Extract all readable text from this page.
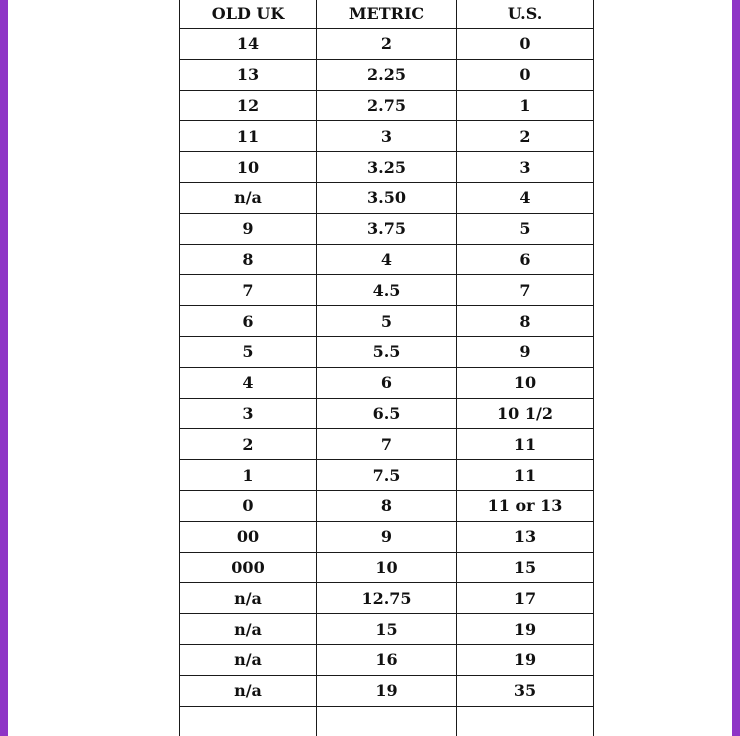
OLD UK	METRIC	U.S.
14	2	0
13	2.25	0
12	2.75	1
11	3	2
10	3.25	3
n/a	3.50	4
9	3.75	5
8	4	6
7	4.5	7
6	5	8
5	5.5	9
4	6	10
3	6.5	10 1/2
2	7	11
1	7.5	11
0	8	11 or 13
00	9	13
000	10	15
n/a	12.75	17
n/a	15	19
n/a	16	19
n/a	19	35
